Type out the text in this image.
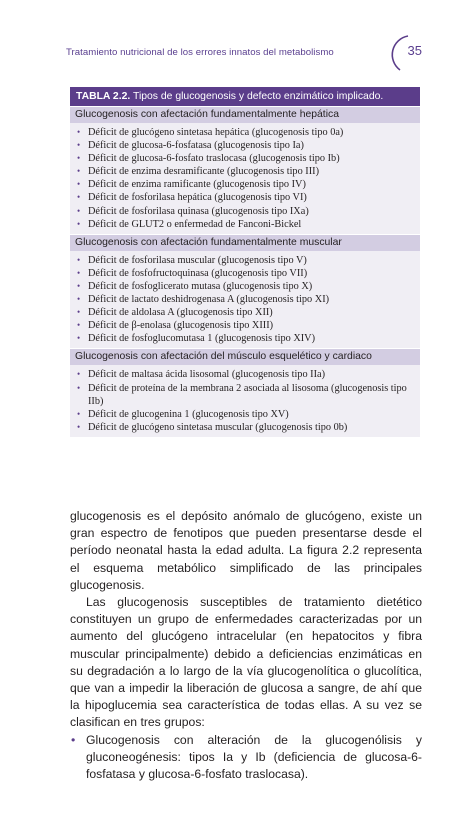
Tratamiento nutricional de los errores innatos del metabolismo	35
TABLA 2.2. Tipos de glucogenosis y defecto enzimático implicado.
Glucogenosis con afectación fundamentalmente hepática
• Déficit de glucógeno sintetasa hepática (glucogenosis tipo 0a)
• Déficit de glucosa-6-fosfatasa (glucogenosis tipo Ia)
• Déficit de glucosa-6-fosfato traslocasa (glucogenosis tipo Ib)
• Déficit de enzima desramificante (glucogenosis tipo III)
• Déficit de enzima ramificante (glucogenosis tipo IV)
• Déficit de fosforilasa hepática (glucogenosis tipo VI)
• Déficit de fosforilasa quinasa (glucogenosis tipo IXa)
• Déficit de GLUT2 o enfermedad de Fanconi-Bickel
Glucogenosis con afectación fundamentalmente muscular
• Déficit de fosforilasa muscular (glucogenosis tipo V)
• Déficit de fosfofructoquinasa (glucogenosis tipo VII)
• Déficit de fosfoglicerato mutasa (glucogenosis tipo X)
• Déficit de lactato deshidrogenasa A (glucogenosis tipo XI)
• Déficit de aldolasa A (glucogenosis tipo XII)
• Déficit de β-enolasa (glucogenosis tipo XIII)
• Déficit de fosfoglucomutasa 1 (glucogenosis tipo XIV)
Glucogenosis con afectación del músculo esquelético y cardiaco
• Déficit de maltasa ácida lisosomal (glucogenosis tipo IIa)
• Déficit de proteína de la membrana 2 asociada al lisosoma (glucogenosis tipo IIb)
• Déficit de glucogenina 1 (glucogenosis tipo XV)
• Déficit de glucógeno sintetasa muscular (glucogenosis tipo 0b)
glucogenosis es el depósito anómalo de glucógeno, existe un gran espectro de fenotipos que pueden presentarse desde el período neonatal hasta la edad adulta. La figura 2.2 representa el esquema metabólico simplificado de las principales glucogenosis.
Las glucogenosis susceptibles de tratamiento dietético constituyen un grupo de enfermedades caracterizadas por un aumento del glucógeno intracelular (en hepatocitos y fibra muscular principalmente) debido a deficiencias enzimáticas en su degradación a lo largo de la vía glucogenolítica o glucolítica, que van a impedir la liberación de glucosa a sangre, de ahí que la hipoglucemia sea característica de todas ellas. A su vez se clasifican en tres grupos:
• Glucogenosis con alteración de la glucogenólisis y gluconeogénesis: tipos Ia y Ib (deficiencia de glucosa-6-fosfatasa y glucosa-6-fosfato traslocasa).
